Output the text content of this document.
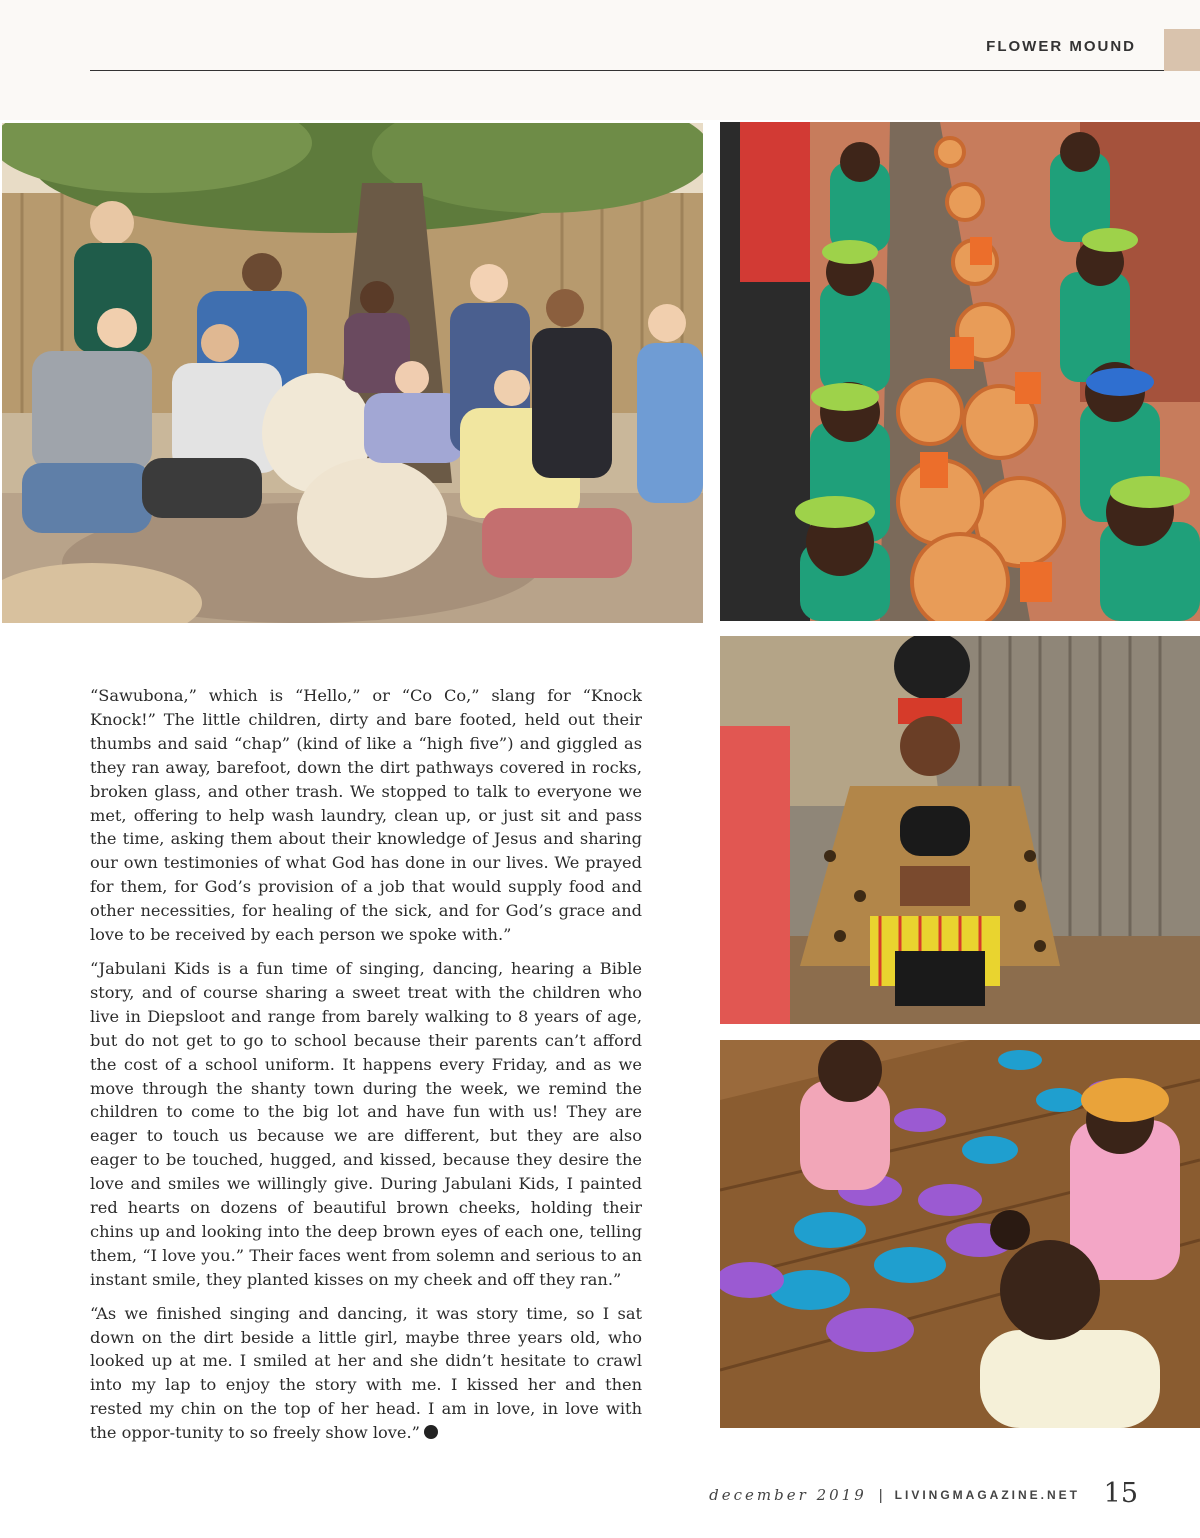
FLOWER MOUND

“Sawubona,” which is “Hello,” or “Co Co,” slang for “Knock Knock!” The little children, dirty and bare footed, held out their thumbs and said “chap” (kind of like a “high five”) and giggled as they ran away, barefoot, down the dirt pathways covered in rocks, broken glass, and other trash. We stopped to talk to everyone we met, offering to help wash laundry, clean up, or just sit and pass the time, asking them about their knowledge of Jesus and sharing our own testimonies of what God has done in our lives. We prayed for them, for God’s provision of a job that would supply food and other necessities, for healing of the sick, and for God’s grace and love to be received by each person we spoke with.”

“Jabulani Kids is a fun time of singing, dancing, hearing a Bible story, and of course sharing a sweet treat with the children who live in Diepsloot and range from barely walking to 8 years of age, but do not get to go to school because their parents can’t afford the cost of a school uniform. It happens every Friday, and as we move through the shanty town during the week, we remind the children to come to the big lot and have fun with us! They are eager to touch us because we are different, but they are also eager to be touched, hugged, and kissed, because they desire the love and smiles we willingly give. During Jabulani Kids, I painted red hearts on dozens of beautiful brown cheeks, holding their chins up and looking into the deep brown eyes of each one, telling them, “I love you.” Their faces went from solemn and serious to an instant smile, they planted kisses on my cheek and off they ran.”

“As we finished singing and dancing, it was story time, so I sat down on the dirt beside a little girl, maybe three years old, who looked up at me. I smiled at her and she didn’t hesitate to crawl into my lap to enjoy the story with me. I kissed her and then rested my chin on the top of her head. I am in love, in love with the oppor-tunity to so freely show love.”

december 2019 | LIVINGMAGAZINE.NET 15
